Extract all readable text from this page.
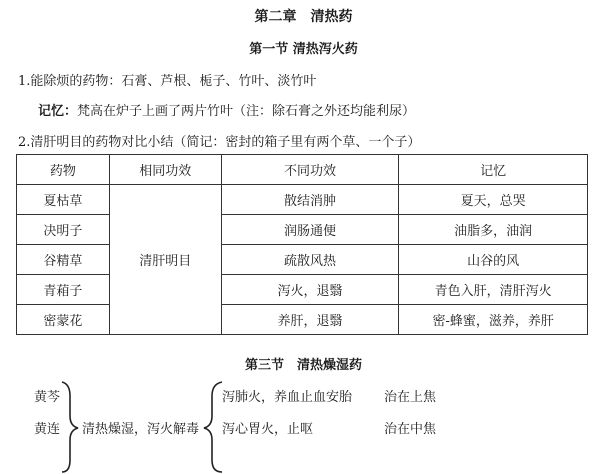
第二章　清热药
第一节 清热泻火药
1.能除烦的药物：石膏、芦根、栀子、竹叶、淡竹叶
记忆：梵高在炉子上画了两片竹叶（注：除石膏之外还均能利尿）
2.清肝明目的药物对比小结（简记：密封的箱子里有两个草、一个子）
药物	相同功效	不同功效	记忆
夏枯草	清肝明目	散结消肿	夏天，总哭
决明子		润肠通便	油脂多，油润
谷精草		疏散风热	山谷的风
青葙子		泻火，退翳	青色入肝，清肝泻火
密蒙花		养肝，退翳	密-蜂蜜，滋养，养肝
第三节　清热燥湿药
黄芩
黄连 清热燥湿，泻火解毒
泻肺火，养血止血安胎 治在上焦
泻心胃火，止呕	治在中焦
